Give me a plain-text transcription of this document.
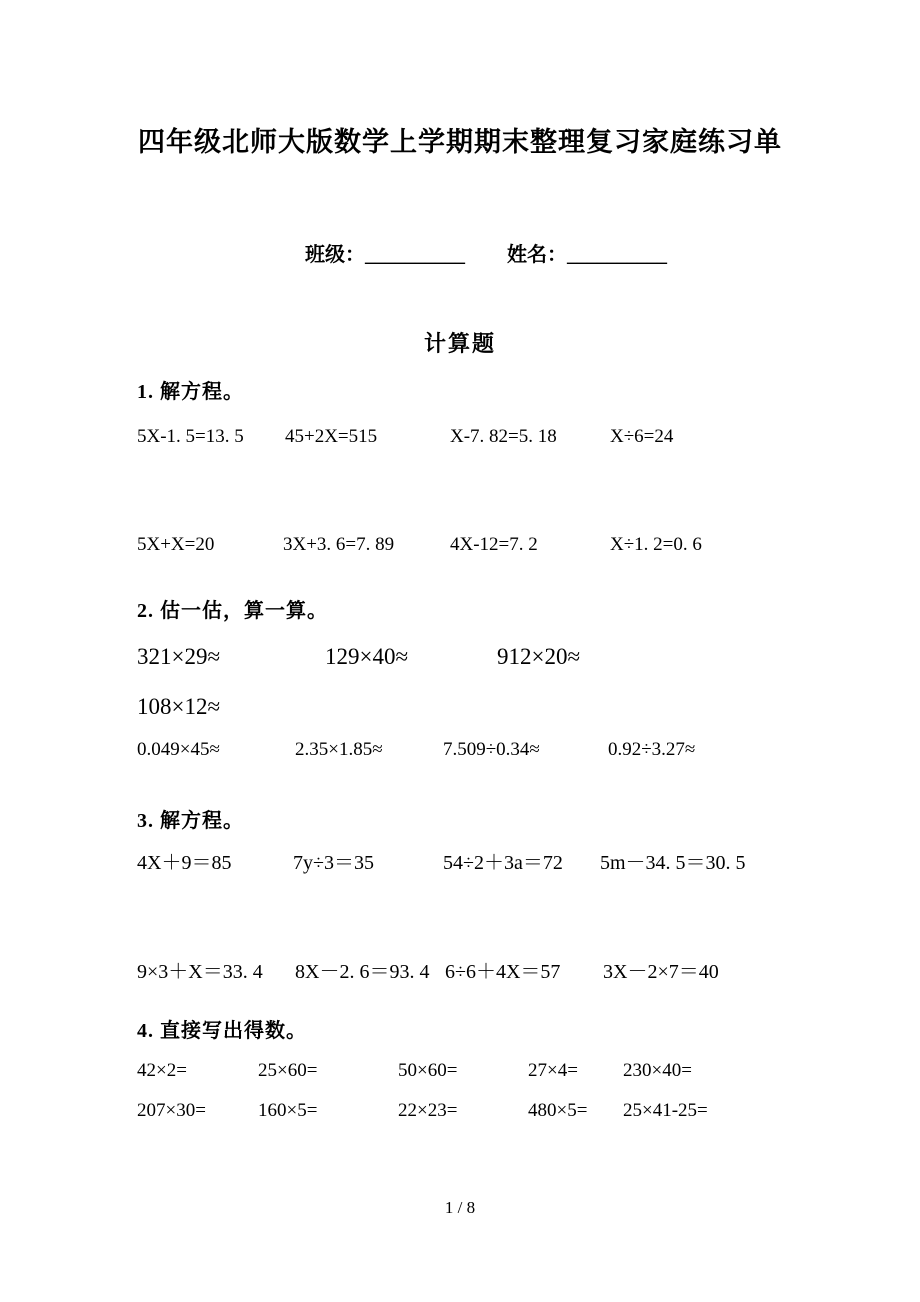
四年级北师大版数学上学期期末整理复习家庭练习单

班级：__________
	姓名：__________

计算题
1. 解方程。
5X-1. 5=13. 5 45+2X=515	X-7. 82=5. 18	X÷6=24
5X+X=20	3X+3. 6=7. 89	4X-12=7. 2	X÷1. 2=0. 6
2. 估一估，算一算。
321×29≈	129×40≈	912×20≈
108×12≈
0.049×45≈	2.35×1.85≈	7.509÷0.34≈	0.92÷3.27≈
3. 解方程。
4X＋9＝85	7y÷3＝35	54÷2＋3a＝72 5m－34. 5＝30. 5
9×3＋X＝33. 4 8X－2. 6＝93. 4 6÷6＋4X＝57 3X－2×7＝40
4. 直接写出得数。
42×2=	25×60=	50×60=	27×4= 230×40=
207×30=	160×5=	22×23=	480×5= 25×41-25=
1 / 8
